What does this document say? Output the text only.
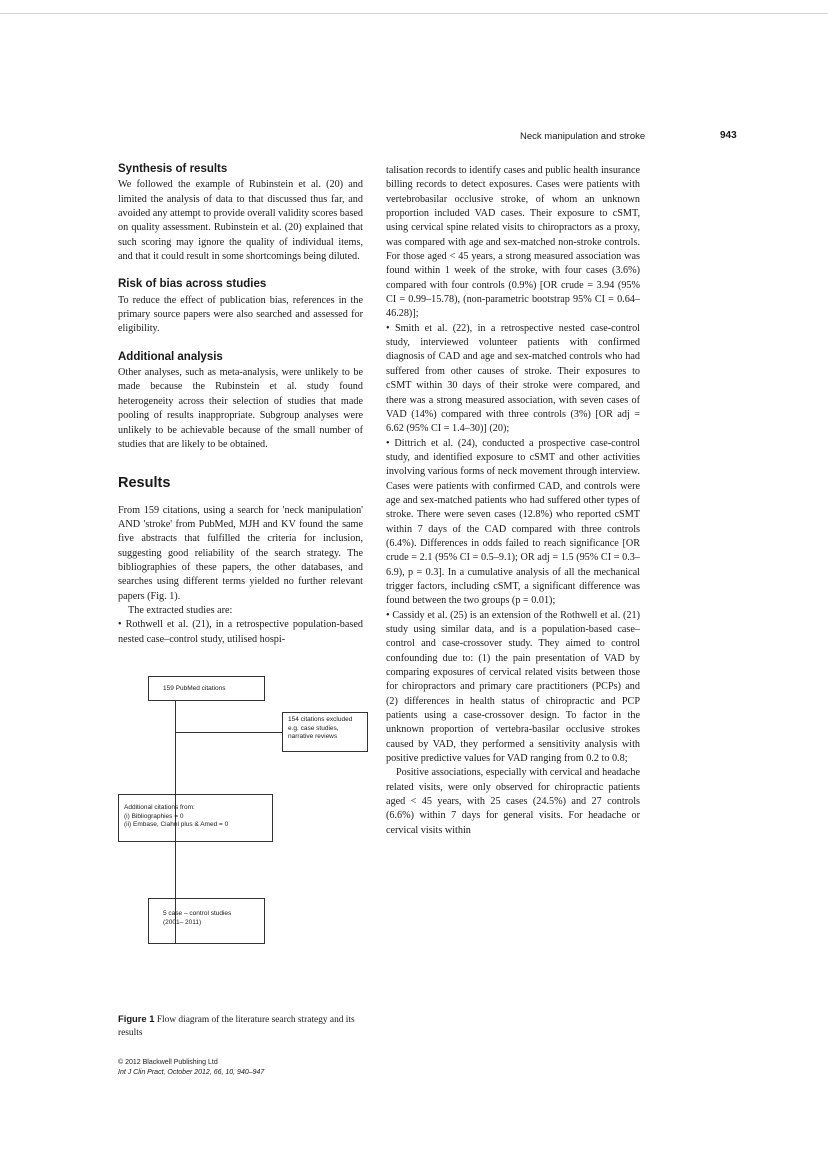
Neck manipulation and stroke	943
Synthesis of results

We followed the example of Rubinstein et al. (20) and limited the analysis of data to that discussed thus far, and avoided any attempt to provide overall validity scores based on quality assessment. Rubinstein et al. (20) explained that such scoring may ignore the quality of individual items, and that it could result in some shortcomings being diluted.

Risk of bias across studies

To reduce the effect of publication bias, references in the primary source papers were also searched and assessed for eligibility.

Additional analysis

Other analyses, such as meta-analysis, were unlikely to be made because the Rubinstein et al. study found heterogeneity across their selection of studies that made pooling of results inappropriate. Subgroup analyses were unlikely to be achievable because of the small number of studies that are likely to be obtained.

Results

From 159 citations, using a search for 'neck manipulation' AND 'stroke' from PubMed, MJH and KV found the same five abstracts that fulfilled the criteria for inclusion, suggesting good reliability of the search strategy. The bibliographies of these papers, the other databases, and searches using different terms yielded no further relevant papers (Fig. 1).

The extracted studies are:

• Rothwell et al. (21), in a retrospective population-based nested case–control study, utilised hospi-

159 PubMed citations
154 citations excluded
e.g. case studies,
narrative reviews
Additional citations from:
(i) Bibliographies = 0
(ii) Embase, Ciahnl plus & Amed = 0
5 case – control studies
(2001– 2011)
Figure 1 Flow diagram of the literature search strategy and its results
© 2012 Blackwell Publishing Ltd
Int J Clin Pract, October 2012, 66, 10, 940–947

talisation records to identify cases and public health insurance billing records to detect exposures. Cases were patients with vertebrobasilar occlusive stroke, of whom an unknown proportion included VAD cases. Their exposure to cSMT, using cervical spine related visits to chiropractors as a proxy, was compared with age and sex-matched non-stroke controls. For those aged < 45 years, a strong measured association was found within 1 week of the stroke, with four cases (3.6%) compared with four controls (0.9%) [OR crude = 3.94 (95% CI = 0.99–15.78), (non-parametric bootstrap 95% CI = 0.64–46.28)];

• Smith et al. (22), in a retrospective nested case-control study, interviewed volunteer patients with confirmed diagnosis of CAD and age and sex-matched controls who had suffered from other causes of stroke. Their exposures to cSMT within 30 days of their stroke were compared, and there was a strong measured association, with seven cases of VAD (14%) compared with three controls (3%) [OR adj = 6.62 (95% CI = 1.4–30)] (20);

• Dittrich et al. (24), conducted a prospective case-control study, and identified exposure to cSMT and other activities involving various forms of neck movement through interview. Cases were patients with confirmed CAD, and controls were age and sex-matched patients who had suffered other types of stroke. There were seven cases (12.8%) who reported cSMT within 7 days of the CAD compared with three controls (6.4%). Differences in odds failed to reach significance [OR crude = 2.1 (95% CI = 0.5–9.1); OR adj = 1.5 (95% CI = 0.3–6.9), p = 0.3]. In a cumulative analysis of all the mechanical trigger factors, including cSMT, a significant difference was found between the two groups (p = 0.01);

• Cassidy et al. (25) is an extension of the Rothwell et al. (21) study using similar data, and is a population-based case–control and case-crossover study. They aimed to control confounding due to: (1) the pain presentation of VAD by comparing exposures of cervical related visits between those for chiropractors and primary care practitioners (PCPs) and (2) differences in health status of chiropractic and PCP patients using a case-crossover design. To factor in the unknown proportion of vertebra-basilar occlusive strokes caused by VAD, they performed a sensitivity analysis with positive predictive values for VAD ranging from 0.2 to 0.8;

Positive associations, especially with cervical and headache related visits, were only observed for chiropractic patients aged < 45 years, with 25 cases (24.5%) and 27 controls (6.6%) within 7 days for general visits. For headache or cervical visits within
